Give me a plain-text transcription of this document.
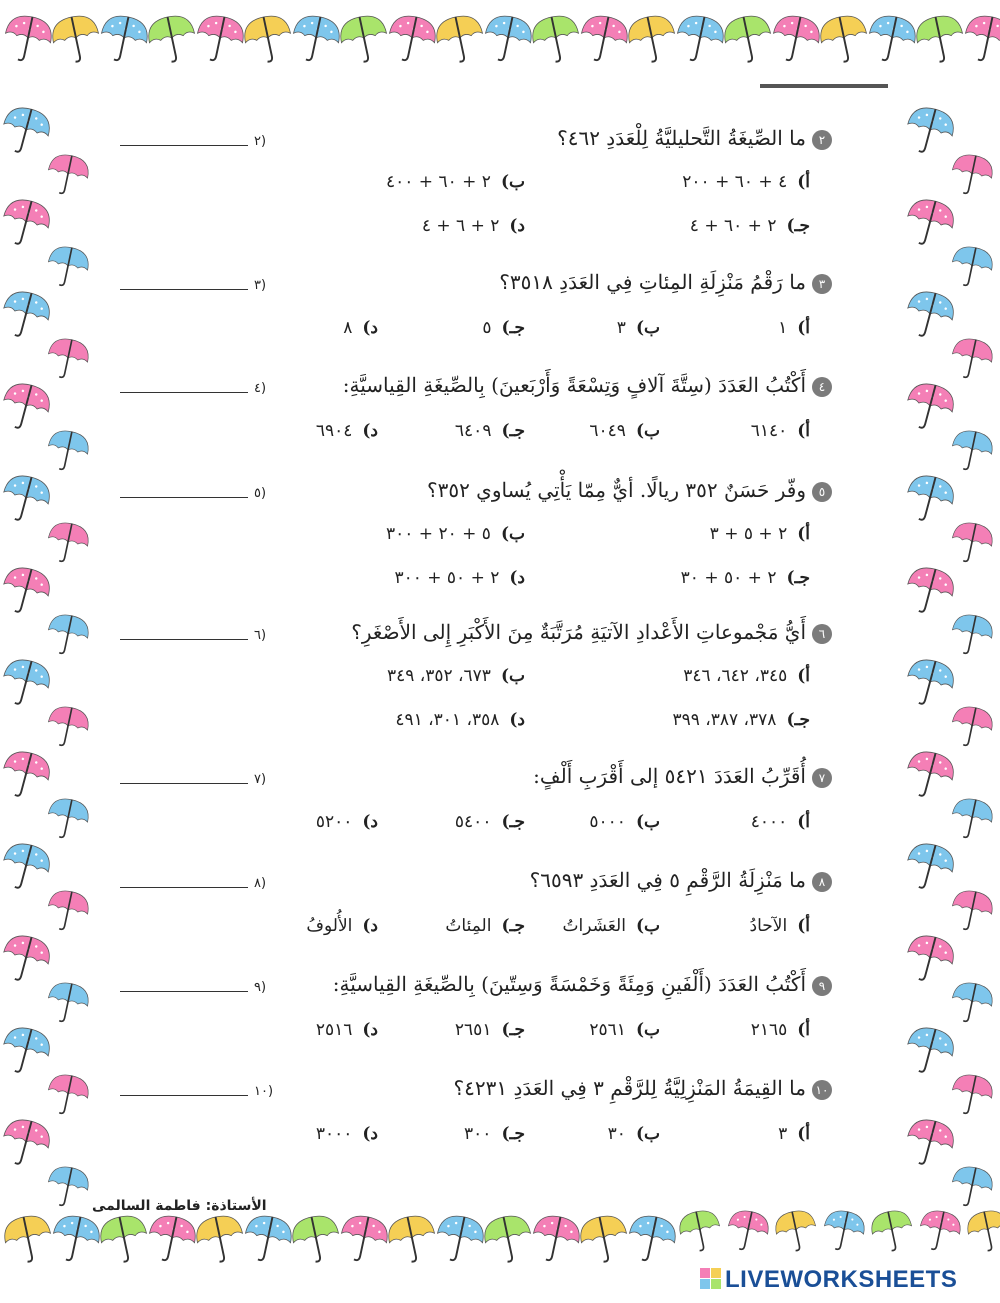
٢)	٢ما الصِّيغَةُ التَّحليليَّةُ لِلْعَدَدِ ٤٦٢؟
أ)٤ + ٦٠ + ٢٠٠
ب)٢ + ٦٠ + ٤٠٠
جـ)٢ + ٦٠ + ٤
د)٢ + ٦ + ٤
٣)	٣ما رَقْمُ مَنْزِلَةِ المِئاتِ فِي العَدَدِ ٣٥١٨؟
أ)١
ب)٣
جـ)٥
د)٨
٤)	٤أَكْتُبُ العَدَدَ (سِتَّةَ آلافٍ وَتِسْعَةً وَأَرْبَعينَ) بِالصِّيغَةِ القِياسيَّةِ:
أ)٦١٤٠
ب)٦٠٤٩
جـ)٦٤٠٩
د)٦٩٠٤
٥)	٥وفّر حَسَنٌ ٣٥٢ ريالًا. أيٌّ مِمّا يَأْتِي يُساوي ٣٥٢؟
أ)٢ + ٥ + ٣
ب)٥ + ٢٠ + ٣٠٠
جـ)٢ + ٥٠ + ٣٠
د)٢ + ٥٠ + ٣٠٠
٦)	٦أَيُّ مَجْموعاتِ الأَعْدادِ الآتيَةِ مُرَتَّبَةٌ مِنَ الأَكْبَرِ إِلى الأَصْغَرِ؟
أ)٣٤٥، ٦٤٢، ٣٤٦
ب)٦٧٣، ٣٥٢، ٣٤٩
جـ)٣٧٨، ٣٨٧، ٣٩٩
د)٣٥٨، ٣٠١، ٤٩١
٧)	٧أُقَرِّبُ العَدَدَ ٥٤٢١ إلى أَقْرَبِ أَلْفٍ:
أ)٤٠٠٠
ب)٥٠٠٠
جـ)٥٤٠٠
د)٥٢٠٠
٨)	٨ما مَنْزِلَةُ الرَّقْمِ ٥ فِي العَدَدِ ٦٥٩٣؟
أ)الآحادُ
ب)العَشَراتُ
جـ)المِئاتُ
د)الأُلوفُ
٩)	٩أَكْتُبُ العَدَدَ (أَلْفَينِ وَمِئَةً وَخَمْسَةً وَسِتّينَ) بِالصِّيغَةِ القِياسيَّةِ:
أ)٢١٦٥
ب)٢٥٦١
جـ)٢٦٥١
د)٢٥١٦
١٠)	١٠ما القِيمَةُ المَنْزِلِيَّةُ لِلرَّقْمِ ٣ فِي العَدَدِ ٤٢٣١؟
أ)٣
ب)٣٠
جـ)٣٠٠
د)٣٠٠٠
الأستاذة: فاطمة السالمى
LIVEWORKSHEETS
